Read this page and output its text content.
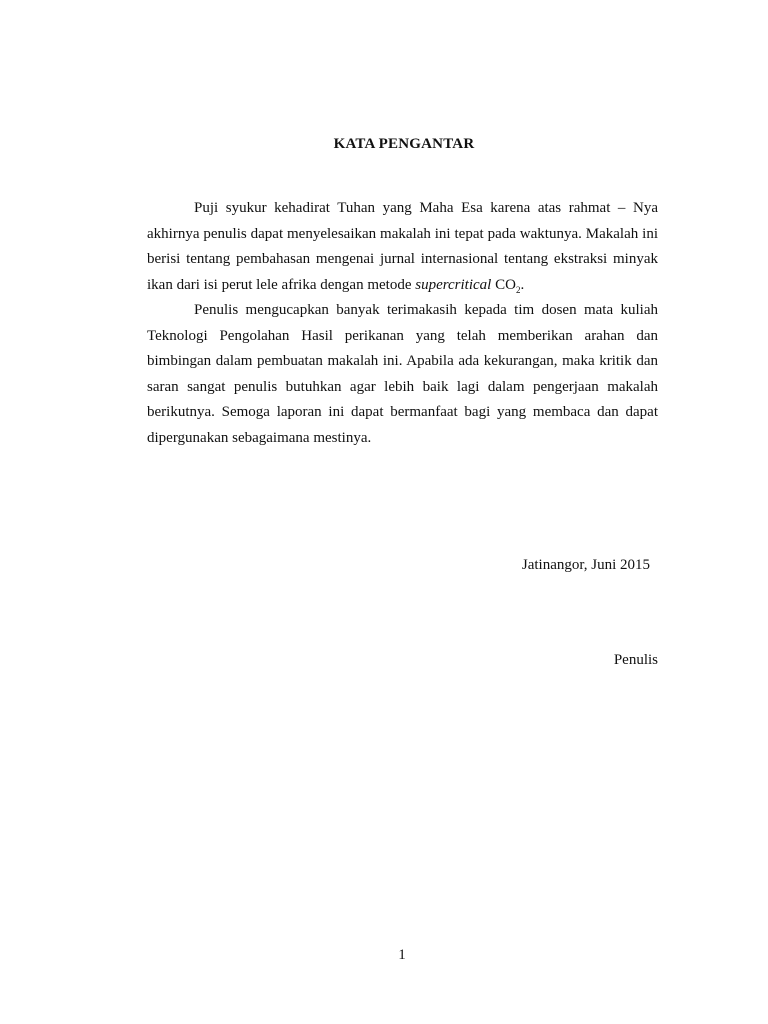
KATA PENGANTAR

Puji syukur kehadirat Tuhan yang Maha Esa karena atas rahmat – Nya akhirnya penulis dapat menyelesaikan makalah ini tepat pada waktunya. Makalah ini berisi tentang pembahasan mengenai jurnal internasional tentang ekstraksi minyak ikan dari isi perut lele afrika dengan metode supercritical $CO_2$.

Penulis mengucapkan banyak terimakasih kepada tim dosen mata kuliah Teknologi Pengolahan Hasil perikanan yang telah memberikan arahan dan bimbingan dalam pembuatan makalah ini. Apabila ada kekurangan, maka kritik dan saran sangat penulis butuhkan agar lebih baik lagi dalam pengerjaan makalah berikutnya. Semoga laporan ini dapat bermanfaat bagi yang membaca dan dapat dipergunakan sebagaimana mestinya.

Jatinangor, Juni 2015
Penulis
1
